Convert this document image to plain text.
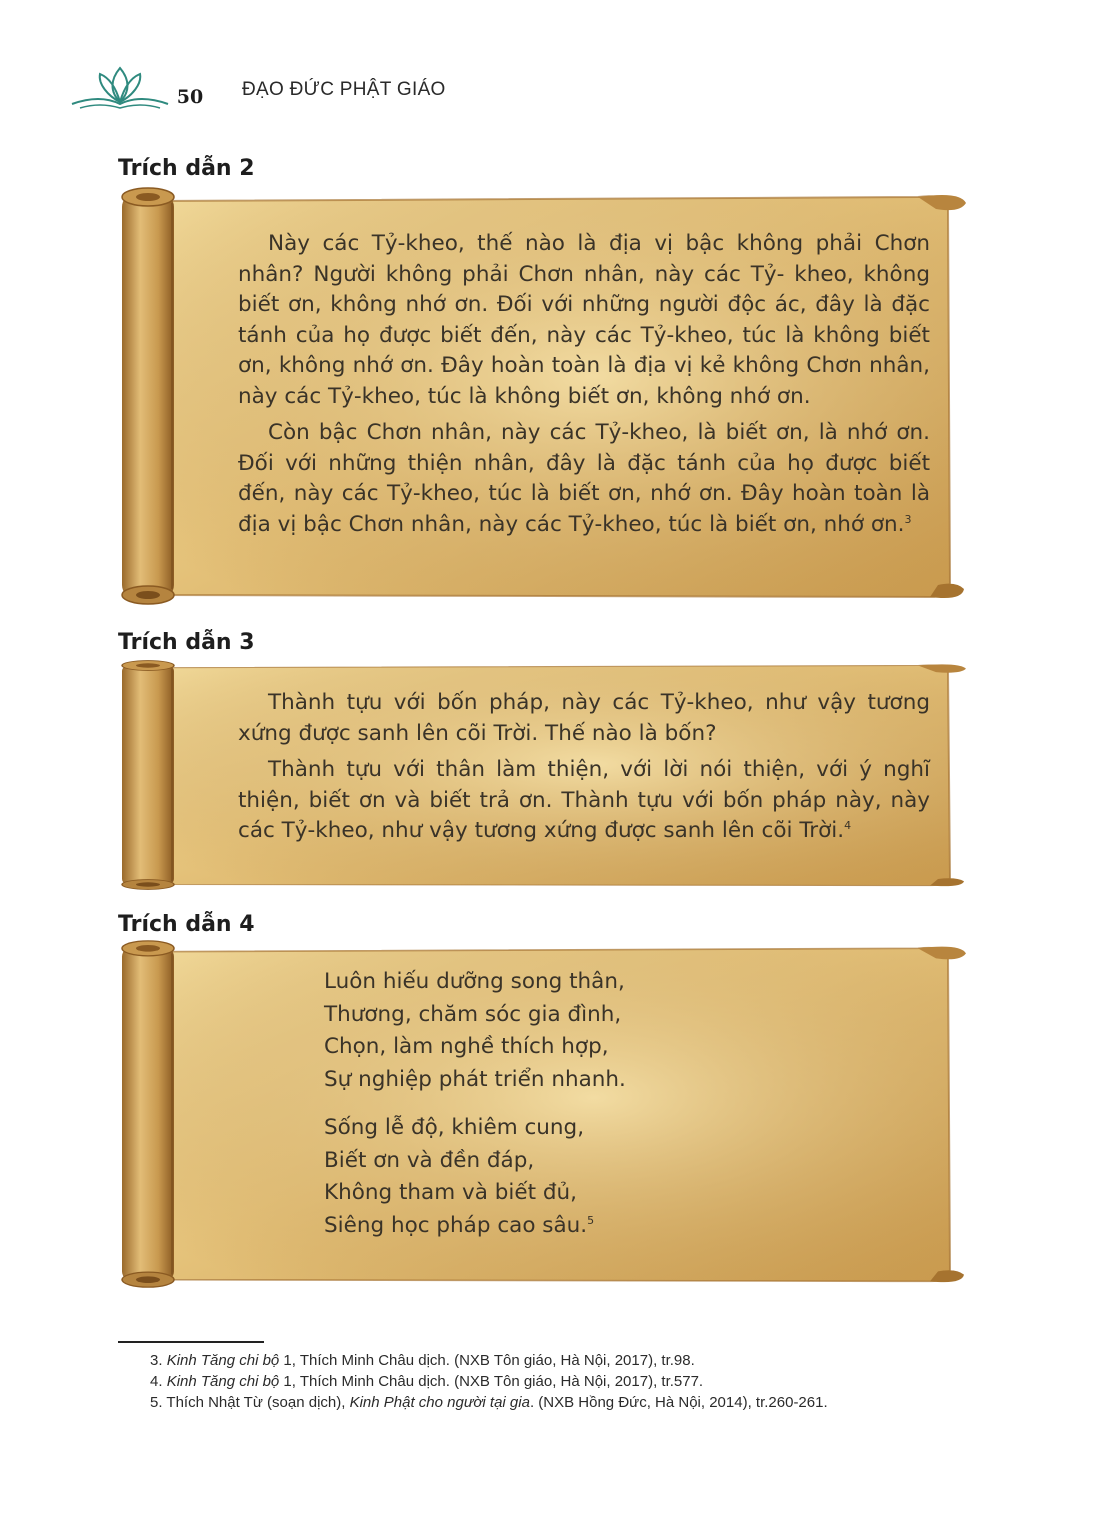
50 ĐẠO ĐỨC PHẬT GIÁO
Trích dẫn 2

Này các Tỷ-kheo, thế nào là địa vị bậc không phải Chơn nhân? Người không phải Chơn nhân, này các Tỷ- kheo, không biết ơn, không nhớ ơn. Đối với những người độc ác, đây là đặc tánh của họ được biết đến, này các Tỷ-kheo, túc là không biết ơn, không nhớ ơn. Đây hoàn toàn là địa vị kẻ không Chơn nhân, này các Tỷ-kheo, túc là không biết ơn, không nhớ ơn.

Còn bậc Chơn nhân, này các Tỷ-kheo, là biết ơn, là nhớ ơn. Đối với những thiện nhân, đây là đặc tánh của họ được biết đến, này các Tỷ-kheo, túc là biết ơn, nhớ ơn. Đây hoàn toàn là địa vị bậc Chơn nhân, này các Tỷ-kheo, túc là biết ơn, nhớ ơn.$^3$

Trích dẫn 3

Thành tựu với bốn pháp, này các Tỷ-kheo, như vậy tương xứng được sanh lên cõi Trời. Thế nào là bốn?

Thành tựu với thân làm thiện, với lời nói thiện, với ý nghĩ thiện, biết ơn và biết trả ơn. Thành tựu với bốn pháp này, này các Tỷ-kheo, như vậy tương xứng được sanh lên cõi Trời.$^4$

Trích dẫn 4
Luôn hiếu dưỡng song thân,
Thương, chăm sóc gia đình,
Chọn, làm nghề thích hợp,
Sự nghiệp phát triển nhanh.
Sống lễ độ, khiêm cung,
Biết ơn và đền đáp,
Không tham và biết đủ,
Siêng học pháp cao sâu.$^5$
3. Kinh Tăng chi bộ 1, Thích Minh Châu dịch. (NXB Tôn giáo, Hà Nội, 2017), tr.98.
4. Kinh Tăng chi bộ 1, Thích Minh Châu dịch. (NXB Tôn giáo, Hà Nội, 2017), tr.577.
5. Thích Nhật Từ (soạn dịch), Kinh Phật cho người tại gia. (NXB Hồng Đức, Hà Nội, 2014), tr.260-261.
